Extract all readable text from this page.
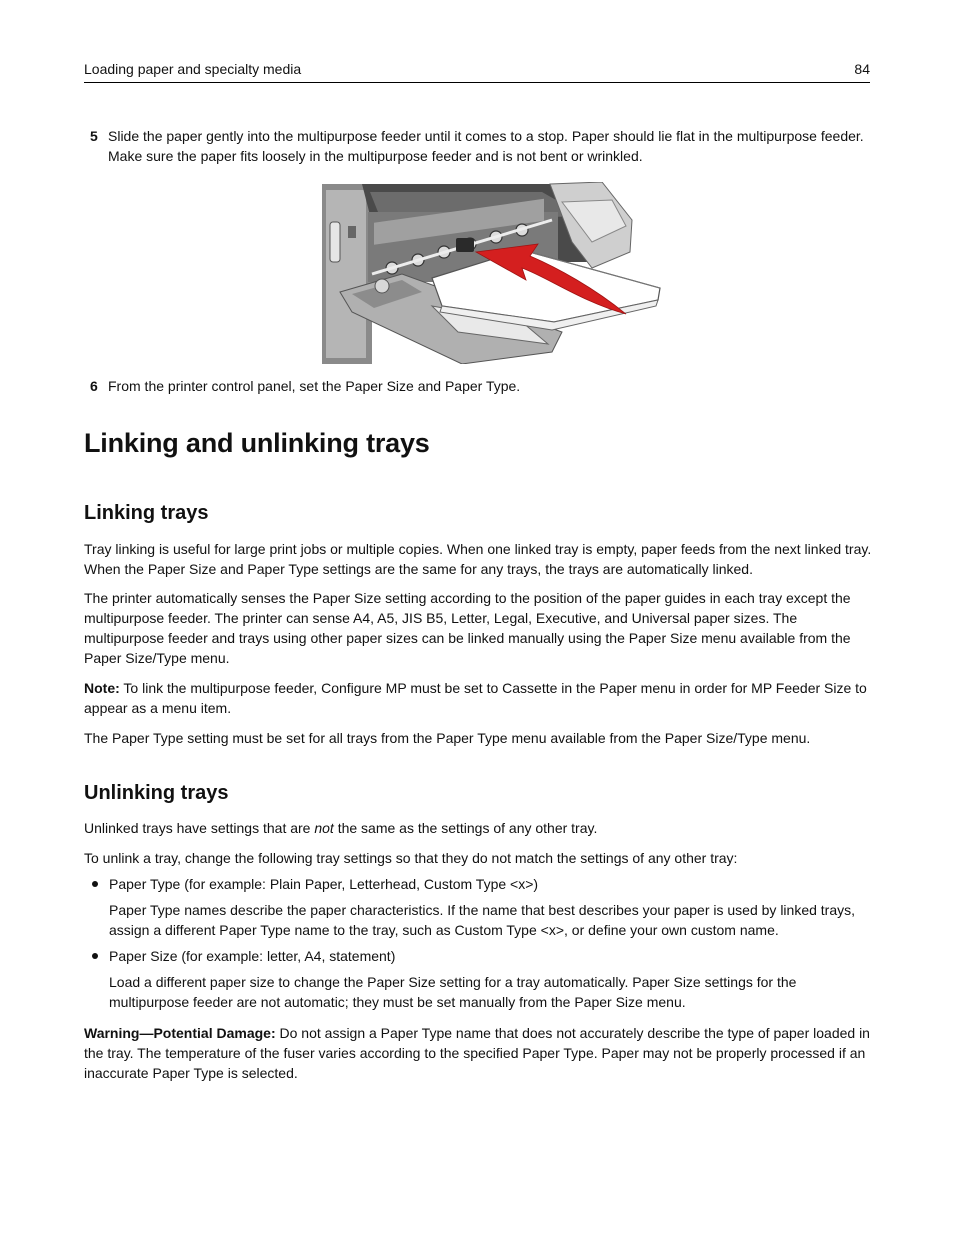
Loading paper and specialty media	84
5 Slide the paper gently into the multipurpose feeder until it comes to a stop. Paper should lie flat in the multipurpose feeder. Make sure the paper fits loosely in the multipurpose feeder and is not bent or wrinkled.
6 From the printer control panel, set the Paper Size and Paper Type.
Linking and unlinking trays
Linking trays

Tray linking is useful for large print jobs or multiple copies. When one linked tray is empty, paper feeds from the next linked tray. When the Paper Size and Paper Type settings are the same for any trays, the trays are automatically linked.

The printer automatically senses the Paper Size setting according to the position of the paper guides in each tray except the multipurpose feeder. The printer can sense A4, A5, JIS B5, Letter, Legal, Executive, and Universal paper sizes. The multipurpose feeder and trays using other paper sizes can be linked manually using the Paper Size menu available from the Paper Size/Type menu.

Note: To link the multipurpose feeder, Configure MP must be set to Cassette in the Paper menu in order for MP Feeder Size to appear as a menu item.

The Paper Type setting must be set for all trays from the Paper Type menu available from the Paper Size/Type menu.

Unlinking trays

Unlinked trays have settings that are not the same as the settings of any other tray.

To unlink a tray, change the following tray settings so that they do not match the settings of any other tray:

Paper Type (for example: Plain Paper, Letterhead, Custom Type <x>)

Paper Type names describe the paper characteristics. If the name that best describes your paper is used by linked trays, assign a different Paper Type name to the tray, such as Custom Type <x>, or define your own custom name.

Paper Size (for example: letter, A4, statement)

Load a different paper size to change the Paper Size setting for a tray automatically. Paper Size settings for the multipurpose feeder are not automatic; they must be set manually from the Paper Size menu.

Warning—Potential Damage: Do not assign a Paper Type name that does not accurately describe the type of paper loaded in the tray. The temperature of the fuser varies according to the specified Paper Type. Paper may not be properly processed if an inaccurate Paper Type is selected.
